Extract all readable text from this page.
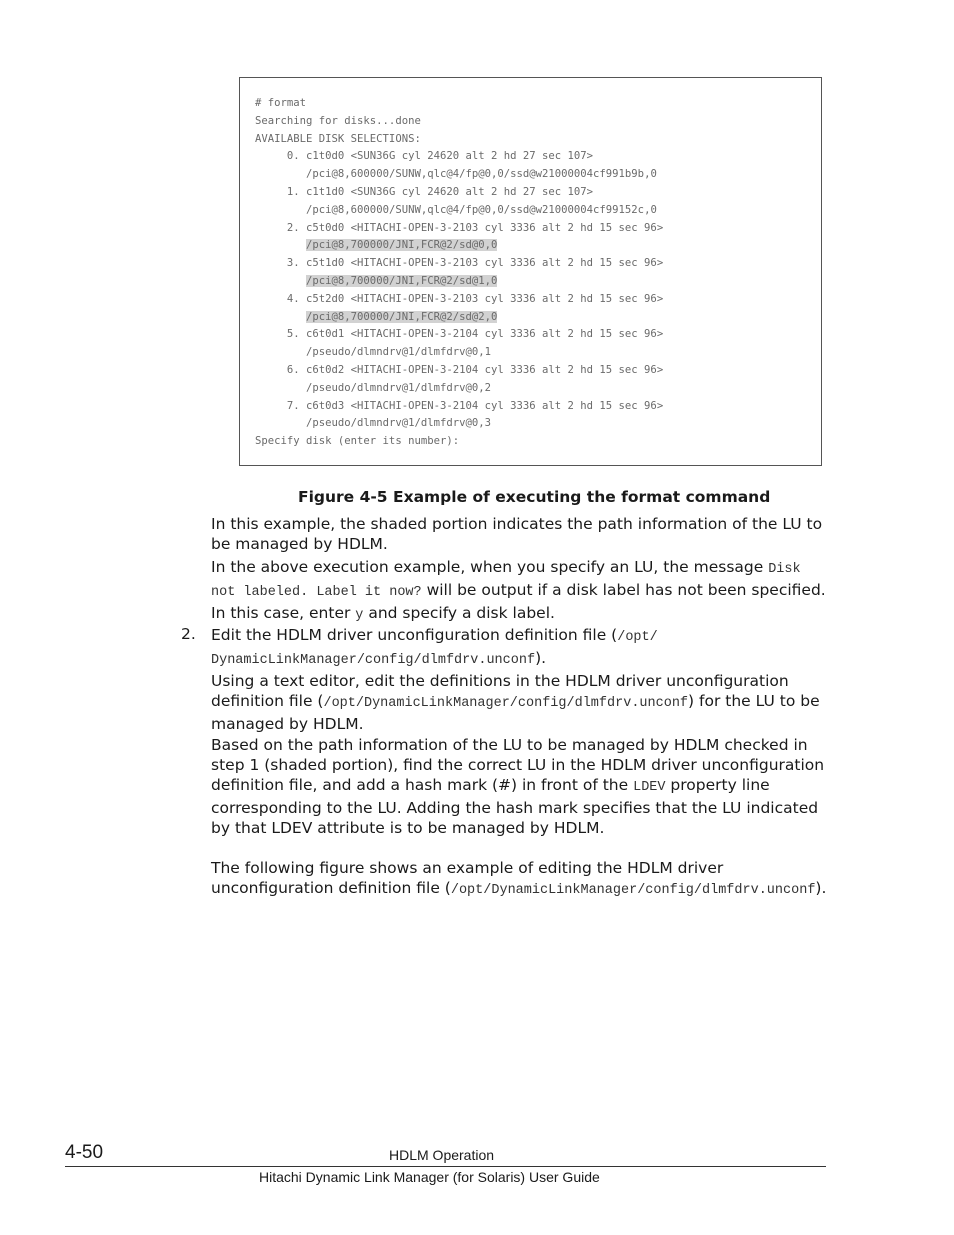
# format
Searching for disks...done
AVAILABLE DISK SELECTIONS:
0. c1t0d0 <SUN36G cyl 24620 alt 2 hd 27 sec 107>
/pci@8,600000/SUNW,qlc@4/fp@0,0/ssd@w21000004cf991b9b,0
1. c1t1d0 <SUN36G cyl 24620 alt 2 hd 27 sec 107>
/pci@8,600000/SUNW,qlc@4/fp@0,0/ssd@w21000004cf99152c,0
2. c5t0d0 <HITACHI-OPEN-3-2103 cyl 3336 alt 2 hd 15 sec 96>
/pci@8,700000/JNI,FCR@2/sd@0,0
3. c5t1d0 <HITACHI-OPEN-3-2103 cyl 3336 alt 2 hd 15 sec 96>
/pci@8,700000/JNI,FCR@2/sd@1,0
4. c5t2d0 <HITACHI-OPEN-3-2103 cyl 3336 alt 2 hd 15 sec 96>
/pci@8,700000/JNI,FCR@2/sd@2,0
5. c6t0d1 <HITACHI-OPEN-3-2104 cyl 3336 alt 2 hd 15 sec 96>
/pseudo/dlmndrv@1/dlmfdrv@0,1
6. c6t0d2 <HITACHI-OPEN-3-2104 cyl 3336 alt 2 hd 15 sec 96>
/pseudo/dlmndrv@1/dlmfdrv@0,2
7. c6t0d3 <HITACHI-OPEN-3-2104 cyl 3336 alt 2 hd 15 sec 96>
/pseudo/dlmndrv@1/dlmfdrv@0,3
Specify disk (enter its number):
Figure 4-5 Example of executing the format command

In this example, the shaded portion indicates the path information of the LU to be managed by HDLM.

In the above execution example, when you specify an LU, the message Disk not labeled. Label it now? will be output if a disk label has not been specified. In this case, enter y and specify a disk label.

2. Edit the HDLM driver unconfiguration definition file (/opt/​DynamicLinkManager/config/dlmfdrv.unconf).

Using a text editor, edit the definitions in the HDLM driver unconfiguration definition file (/opt/DynamicLinkManager/config/dlmfdrv.unconf) for the LU to be managed by HDLM.

Based on the path information of the LU to be managed by HDLM checked in step 1 (shaded portion), find the correct LU in the HDLM driver unconfiguration definition file, and add a hash mark (#) in front of the LDEV property line corresponding to the LU. Adding the hash mark specifies that the LU indicated by that LDEV attribute is to be managed by HDLM.

The following figure shows an example of editing the HDLM driver unconfiguration definition file (/opt/DynamicLinkManager/config/​dlmfdrv.unconf).

4-50	HDLM Operation
Hitachi Dynamic Link Manager (for Solaris) User Guide
